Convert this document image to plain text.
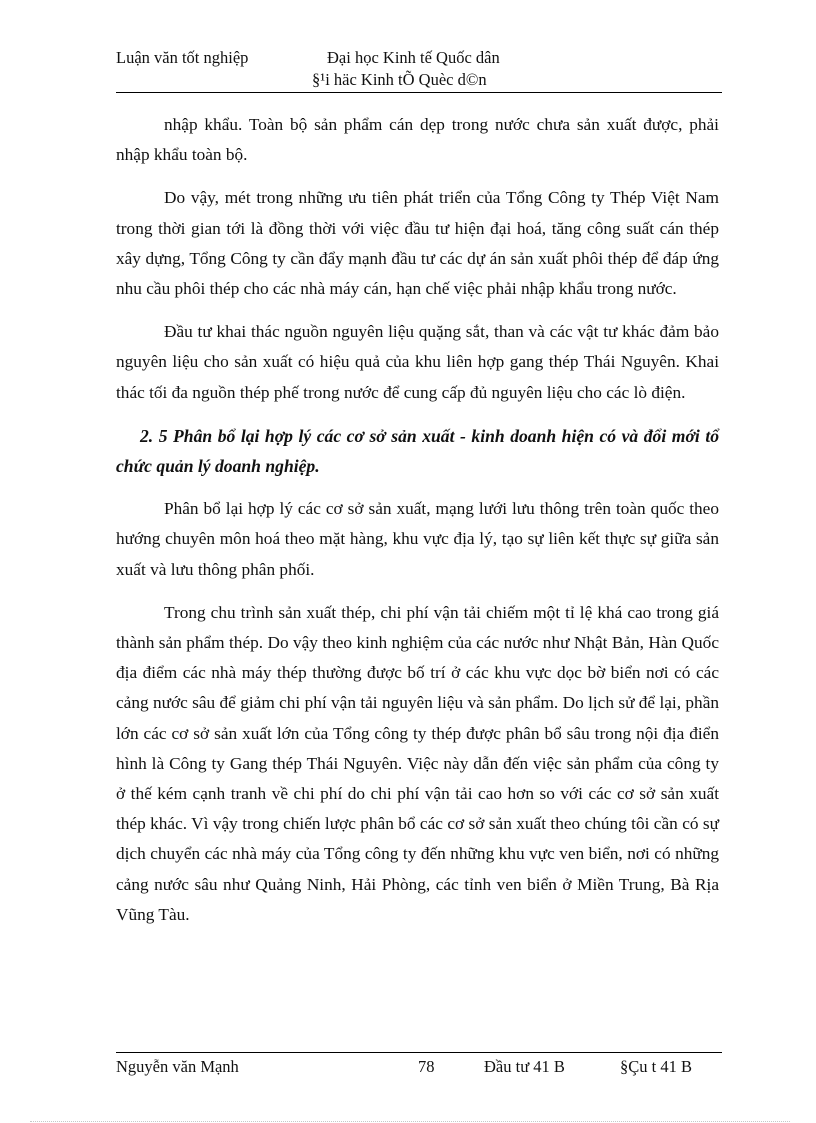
Luận văn tốt nghiệp	Đại học Kinh tế Quốc dân
§¹i häc Kinh tÕ Quèc d©n

nhập khẩu. Toàn bộ sản phẩm cán dẹp trong nước chưa sản xuất được, phải nhập khẩu toàn bộ.

Do vậy, mét trong những ưu tiên phát triển của Tổng Công ty Thép Việt Nam trong thời gian tới là đồng thời với việc đầu tư hiện đại hoá, tăng công suất cán thép xây dựng, Tổng Công ty cần đẩy mạnh đầu tư các dự án sản xuất phôi thép để đáp ứng nhu cầu phôi thép cho các nhà máy cán, hạn chế việc phải nhập khẩu trong nước.

Đầu tư khai thác nguồn nguyên liệu quặng sắt, than và các vật tư khác đảm bảo nguyên liệu cho sản xuất có hiệu quả của khu liên hợp gang thép Thái Nguyên. Khai thác tối đa nguồn thép phế trong nước để cung cấp đủ nguyên liệu cho các lò điện.

2. 5 Phân bổ lại hợp lý các cơ sở sản xuất - kinh doanh hiện có và đổi mới tổ chức quản lý doanh nghiệp.

Phân bổ lại hợp lý các cơ sở sản xuất, mạng lưới lưu thông trên toàn quốc theo hướng chuyên môn hoá theo mặt hàng, khu vực địa lý, tạo sự liên kết thực sự giữa sản xuất và lưu thông phân phối.

Trong chu trình sản xuất thép, chi phí vận tải chiếm một tỉ lệ khá cao trong giá thành sản phẩm thép. Do vậy theo kinh nghiệm của các nước như Nhật Bản, Hàn Quốc địa điểm các nhà máy thép thường được bố trí ở các khu vực dọc bờ biển nơi có các cảng nước sâu để giảm chi phí vận tải nguyên liệu và sản phẩm. Do lịch sử để lại, phần lớn các cơ sở sản xuất lớn của Tổng công ty thép được phân bổ sâu trong nội địa điển hình là Công ty Gang thép Thái Nguyên. Việc này dẫn đến việc sản phẩm của công ty ở thế kém cạnh tranh về chi phí do chi phí vận tải cao hơn so với các cơ sở sản xuất thép khác. Vì vậy trong chiến lược phân bổ các cơ sở sản xuất theo chúng tôi cần có sự dịch chuyển các nhà máy của Tổng công ty đến những khu vực ven biển, nơi có những cảng nước sâu như Quảng Ninh, Hải Phòng, các tỉnh ven biển ở Miền Trung, Bà Rịa Vũng Tàu.

Nguyễn văn Mạnh	78	Đầu tư 41 B	§Çu t 41 B
